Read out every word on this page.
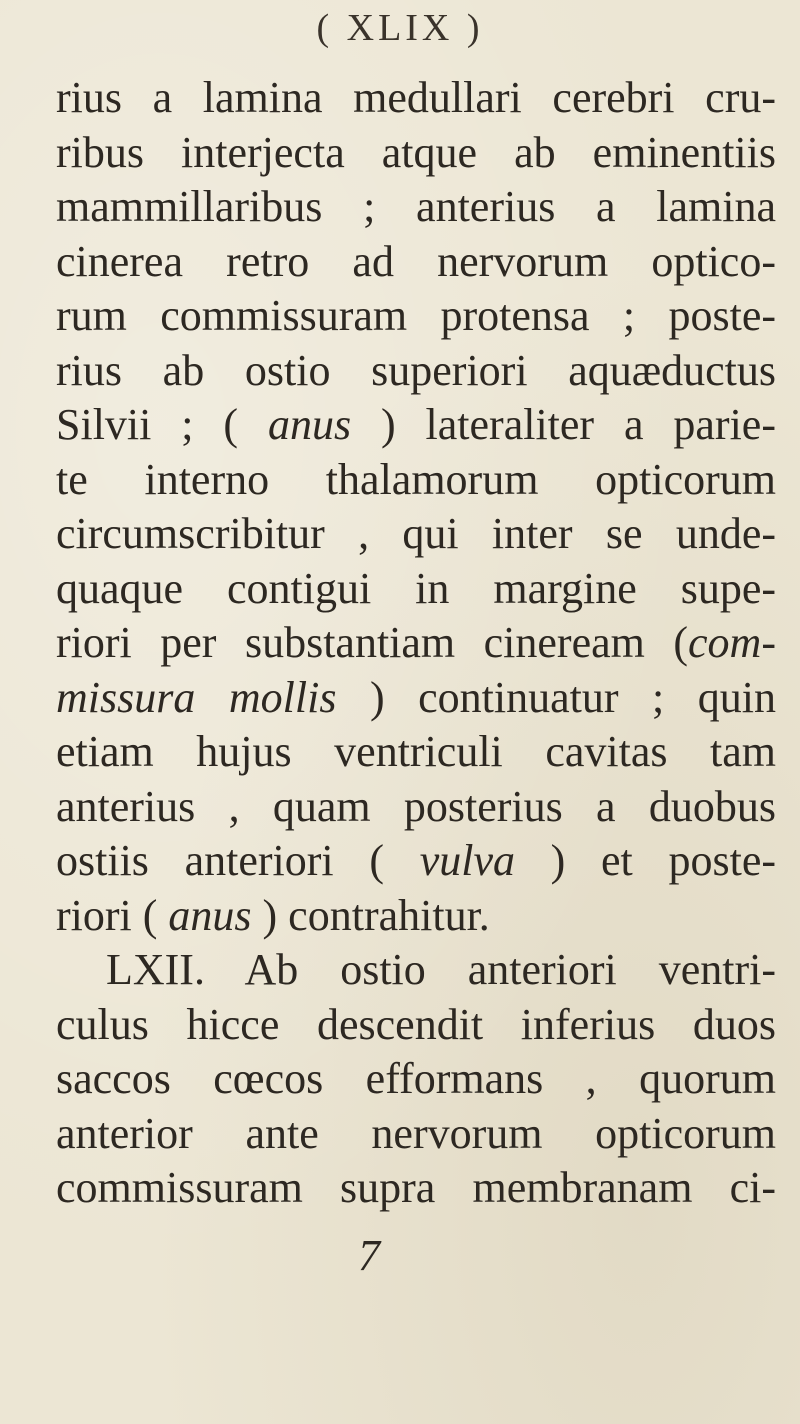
( XLIX )
rius a lamina medullari cerebri cru-
ribus interjecta atque ab eminentiis
mammillaribus ; anterius a lamina
cinerea retro ad nervorum optico-
rum commissuram protensa ; poste-
rius ab ostio superiori aquæductus
Silvii ; ( anus ) lateraliter a parie-
te interno thalamorum opticorum
circumscribitur , qui inter se unde-
quaque contigui in margine supe-
riori per substantiam cineream (com-
missura mollis ) continuatur ; quin
etiam hujus ventriculi cavitas tam
anterius , quam posterius a duobus
ostiis anteriori ( vulva ) et poste-
riori ( anus ) contrahitur.
LXII. Ab ostio anteriori ventri-
culus hicce descendit inferius duos
saccos cœcos efformans , quorum
anterior ante nervorum opticorum
commissuram supra membranam ci-
7
